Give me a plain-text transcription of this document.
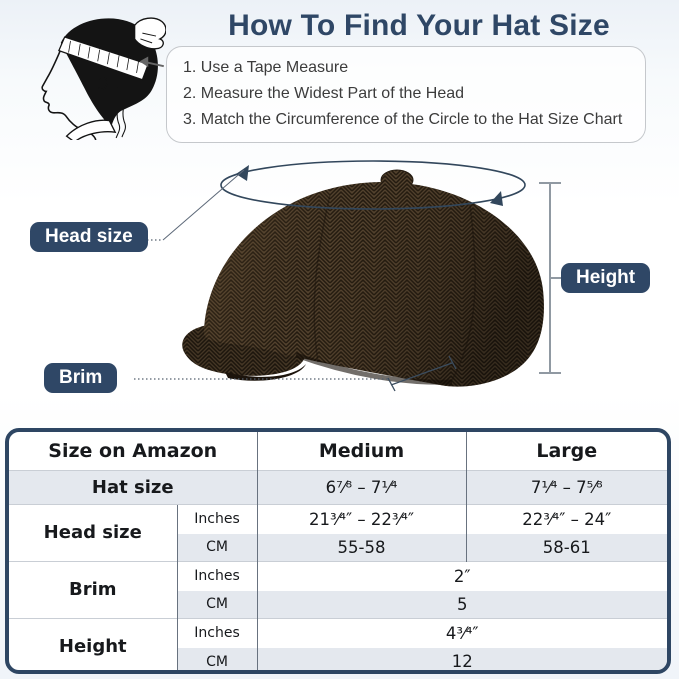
How To Find Your Hat Size
1. Use a Tape Measure
2. Measure the Widest Part of the Head
3. Match the Circumference of the Circle to the Hat Size Chart
Head size
Height
Brim
Size on Amazon		Medium	Large
Hat size		6⁷⁄⁸ – 7¹⁄⁴	7¹⁄⁴ – 7⁵⁄⁸
Head size	Inches	21³⁄⁴″ – 22³⁄⁴″	22³⁄⁴″ – 24″
	CM	55-58	58-61
Brim	Inches	2″	
	CM	5	
Height	Inches	4³⁄⁴″	
	CM	12	
